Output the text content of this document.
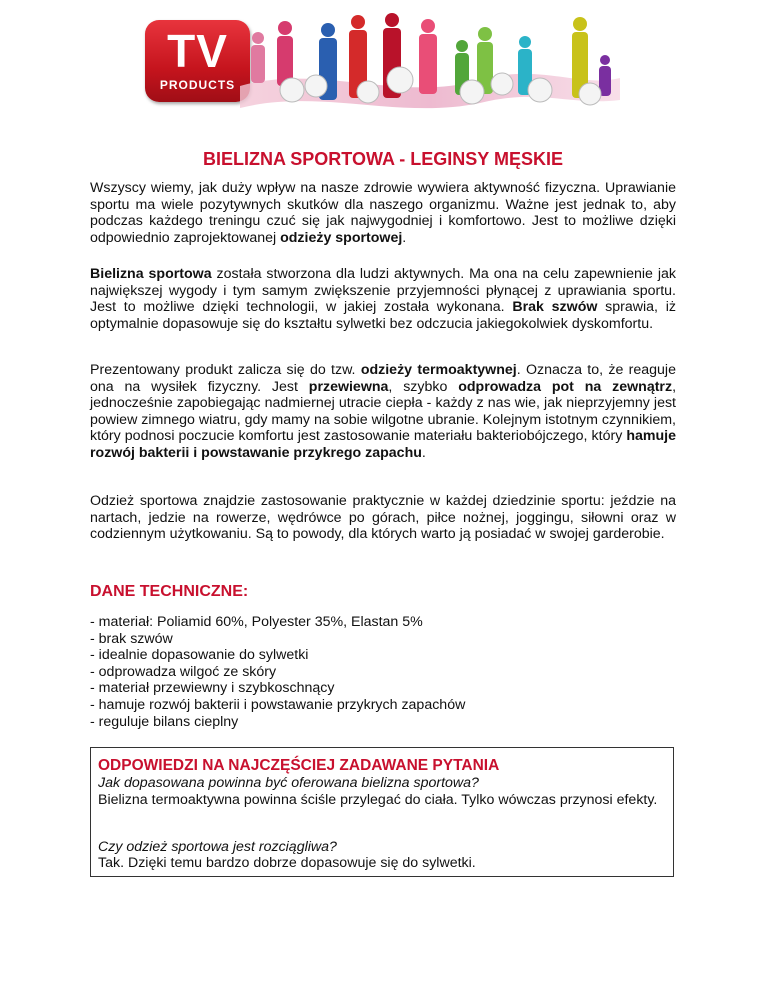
TV
PRODUCTS
BIELIZNA SPORTOWA - LEGINSY MĘSKIE

Wszyscy wiemy, jak duży wpływ na nasze zdrowie wywiera aktywność fizyczna. Uprawianie sportu ma wiele pozytywnych skutków dla naszego organizmu. Ważne jest jednak to, aby podczas każdego treningu czuć się jak najwygodniej i komfortowo. Jest to możliwe dzięki odpowiednio zaprojektowanej odzieży sportowej.

Bielizna sportowa została stworzona dla ludzi aktywnych. Ma ona na celu zapewnienie jak największej wygody i tym samym zwiększenie przyjemności płynącej z uprawiania sportu. Jest to możliwe dzięki technologii, w jakiej została wykonana. Brak szwów sprawia, iż optymalnie dopasowuje się do kształtu sylwetki bez odczucia jakiegokolwiek dyskomfortu.

Prezentowany produkt zalicza się do tzw. odzieży termoaktywnej. Oznacza to, że reaguje ona na wysiłek fizyczny. Jest przewiewna, szybko odprowadza pot na zewnątrz, jednocześnie zapobiegając nadmiernej utracie ciepła - każdy z nas wie, jak nieprzyjemny jest powiew zimnego wiatru, gdy mamy na sobie wilgotne ubranie. Kolejnym istotnym czynnikiem, który podnosi poczucie komfortu jest zastosowanie materiału bakteriobójczego, który hamuje rozwój bakterii i powstawanie przykrego zapachu.

Odzież sportowa znajdzie zastosowanie praktycznie w każdej dziedzinie sportu: jeździe na nartach, jedzie na rowerze, wędrówce po górach, piłce nożnej, joggingu, siłowni oraz w codziennym użytkowaniu. Są to powody, dla których warto ją posiadać w swojej garderobie.

DANE TECHNICZNE:
- materiał: Poliamid 60%, Polyester 35%, Elastan 5%
- brak szwów
- idealnie dopasowanie do sylwetki
- odprowadza wilgoć ze skóry
- materiał przewiewny i szybkoschnący
- hamuje rozwój bakterii i powstawanie przykrych zapachów
- reguluje bilans cieplny
ODPOWIEDZI NA NAJCZĘŚCIEJ ZADAWANE PYTANIA
Jak dopasowana powinna być oferowana bielizna sportowa?
Bielizna termoaktywna powinna ściśle przylegać do ciała. Tylko wówczas przynosi efekty.
Czy odzież sportowa jest rozciągliwa?
Tak. Dzięki temu bardzo dobrze dopasowuje się do sylwetki.
